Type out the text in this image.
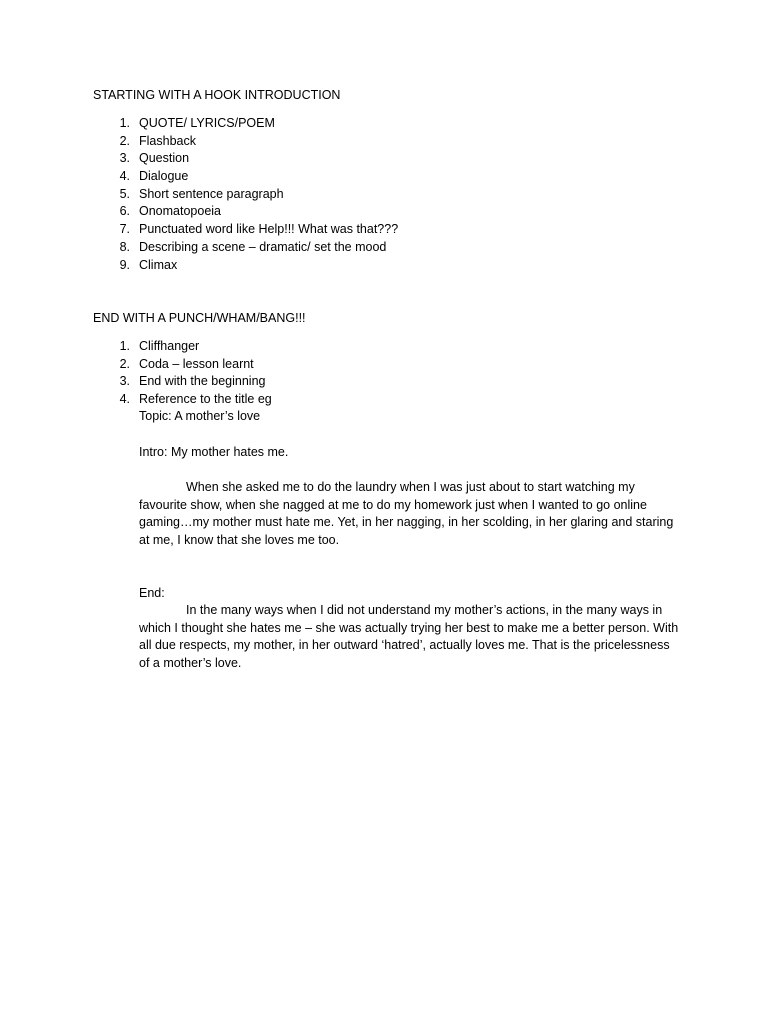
STARTING WITH A HOOK INTRODUCTION
1. QUOTE/ LYRICS/POEM
2. Flashback
3. Question
4. Dialogue
5. Short sentence paragraph
6. Onomatopoeia
7. Punctuated word like Help!!! What was that???
8. Describing a scene – dramatic/ set the mood
9. Climax
END WITH A PUNCH/WHAM/BANG!!!
1. Cliffhanger
2. Coda – lesson learnt
3. End with the beginning
4. Reference to the title eg
Topic: A mother’s love
Intro: My mother hates me.

When she asked me to do the laundry when I was just about to start watching my favourite show, when she nagged at me to do my homework just when I wanted to go online gaming…my mother must hate me. Yet, in her nagging, in her scolding, in her glaring and staring at me, I know that she loves me too.

End:

In the many ways when I did not understand my mother’s actions, in the many ways in which I thought she hates me – she was actually trying her best to make me a better person. With all due respects, my mother, in her outward ‘hatred’, actually loves me. That is the pricelessness of a mother’s love.
